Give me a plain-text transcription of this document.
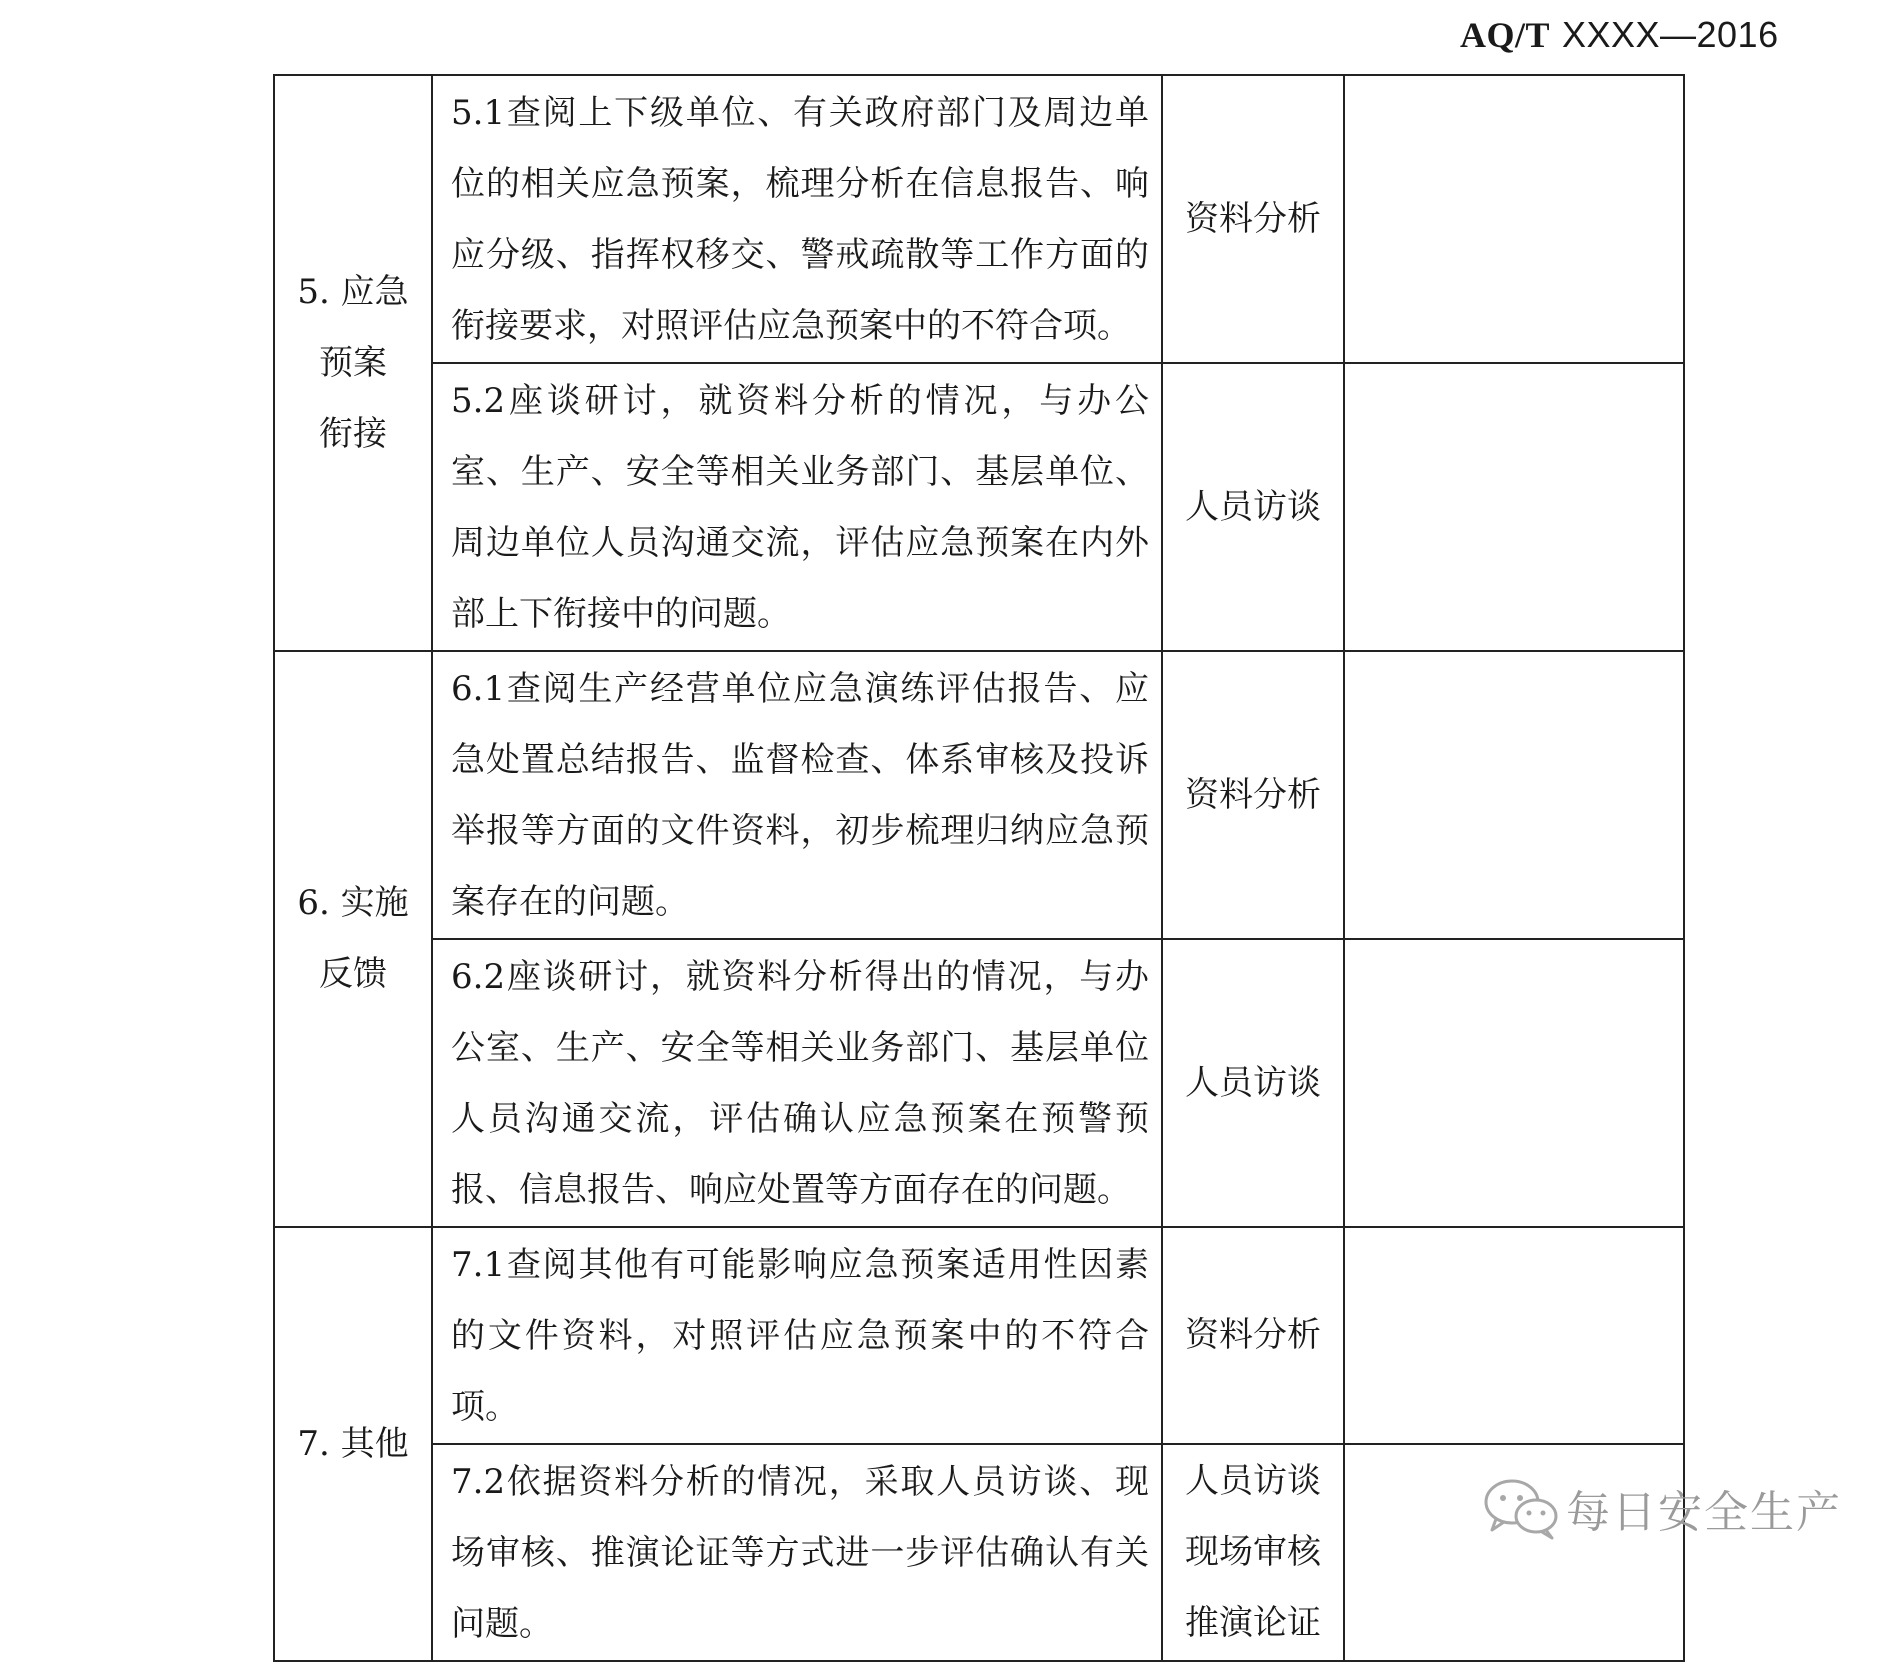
AQ/T XXXX—2016
5. 应急
预案
衔接	5.1查阅上下级单位、有关政府部门及周边单位的相关应急预案，梳理分析在信息报告、响应分级、指挥权移交、警戒疏散等工作方面的衔接要求，对照评估应急预案中的不符合项。	资料分析	

	5.2座谈研讨，就资料分析的情况，与办公室、生产、安全等相关业务部门、基层单位、周边单位人员沟通交流，评估应急预案在内外部上下衔接中的问题。	人员访谈	

6. 实施
反馈	6.1查阅生产经营单位应急演练评估报告、应急处置总结报告、监督检查、体系审核及投诉举报等方面的文件资料，初步梳理归纳应急预案存在的问题。	资料分析	

	6.2座谈研讨，就资料分析得出的情况，与办公室、生产、安全等相关业务部门、基层单位人员沟通交流，评估确认应急预案在预警预报、信息报告、响应处置等方面存在的问题。	人员访谈	

7. 其他	7.1查阅其他有可能影响应急预案适用性因素的文件资料，对照评估应急预案中的不符合项。	资料分析	

	7.2依据资料分析的情况，采取人员访谈、现场审核、推演论证等方式进一步评估确认有关问题。	人员访谈
现场审核
推演论证	

每日安全生产
